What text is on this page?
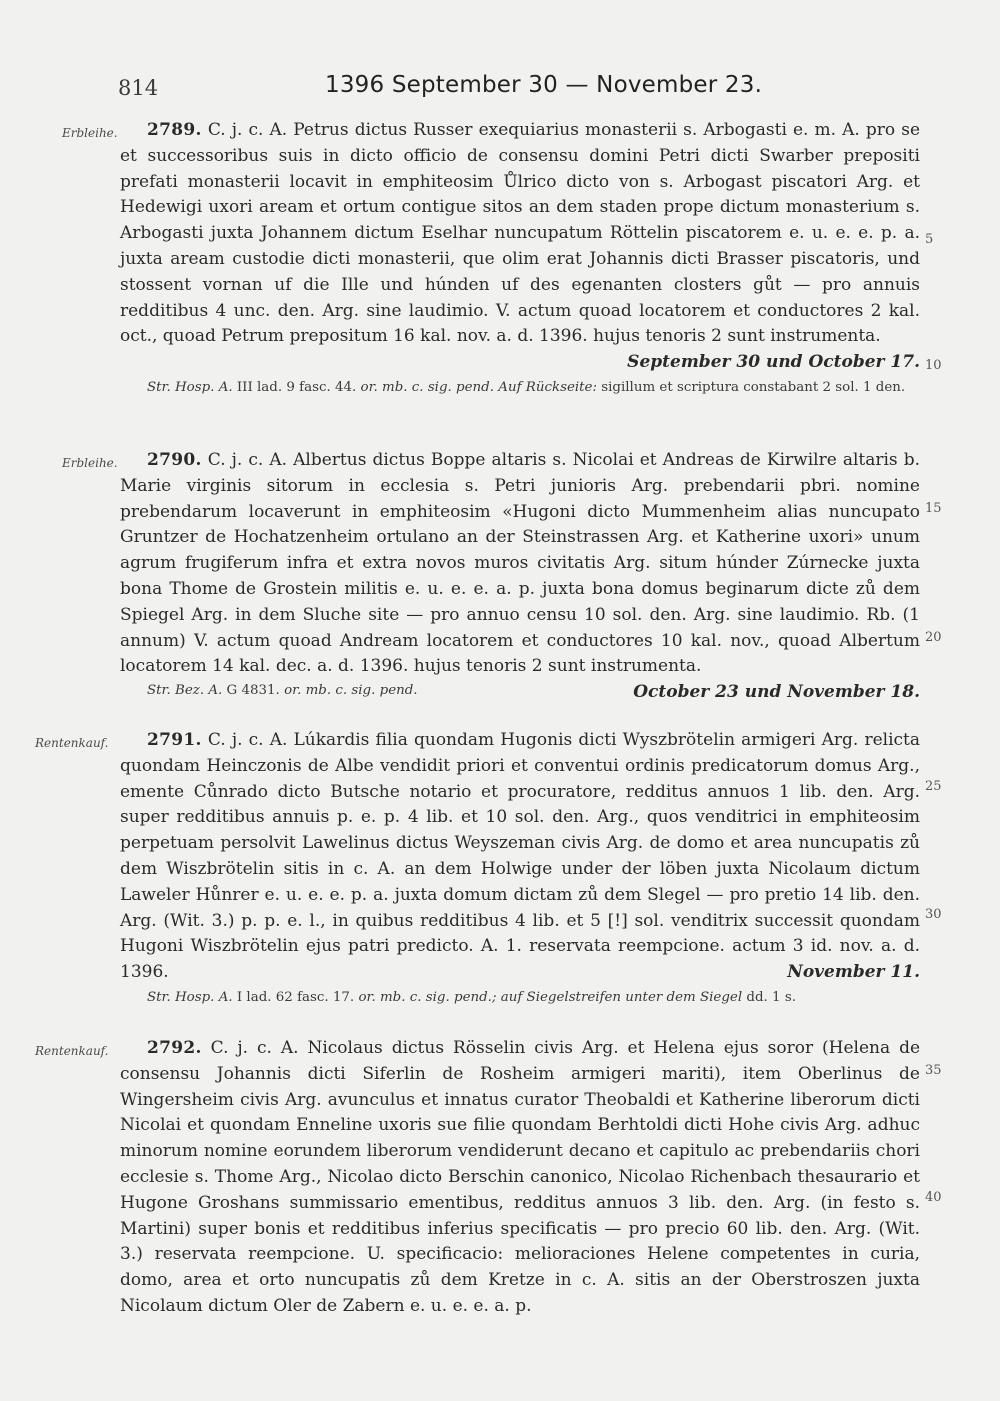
814	1396 September 30 — November 23.
Erbleihe.	2789. C. j. c. A. Petrus dictus Russer exequiarius monasterii s. Arbogasti e. m. A. pro se et successoribus suis in dicto officio de consensu domini Petri dicti Swarber prepositi prefati monasterii locavit in emphiteosim Ůlrico dicto von s. Arbogast piscatori Arg. et Hedewigi uxori aream et ortum contigue sitos an dem staden prope dictum monasterium s. Arbogasti juxta Johannem dictum Eselhar nuncupatum Röttelin piscatorem e. u. e. e. p. a. juxta aream custodie dicti monasterii, que olim erat Johannis dicti Brasser piscatoris, und stossent vornan uf die Ille und húnden uf des egenanten closters gůt — pro annuis redditibus 4 unc. den. Arg. sine laudimio. V. actum quoad locatorem et conductores 2 kal. oct., quoad Petrum prepositum 16 kal. nov. a. d. 1396. hujus tenoris 2 sunt instrumenta.
September 30 und October 17.

Str. Hosp. A. III lad. 9 fasc. 44. or. mb. c. sig. pend. Auf Rückseite: sigillum et scriptura constabant 2 sol. 1 den.

Erbleihe.	2790. C. j. c. A. Albertus dictus Boppe altaris s. Nicolai et Andreas de Kirwilre altaris b. Marie virginis sitorum in ecclesia s. Petri junioris Arg. prebendarii pbri. nomine prebendarum locaverunt in emphiteosim «Hugoni dicto Mummenheim alias nuncupato Gruntzer de Hochatzenheim ortulano an der Steinstrassen Arg. et Katherine uxori» unum agrum frugiferum infra et extra novos muros civitatis Arg. situm húnder Zúrnecke juxta bona Thome de Grostein militis e. u. e. e. a. p. juxta bona domus beginarum dicte zů dem Spiegel Arg. in dem Sluche site — pro annuo censu 10 sol. den. Arg. sine laudimio. Rb. (1 annum) V. actum quoad Andream locatorem et conductores 10 kal. nov., quoad Albertum locatorem 14 kal. dec. a. d. 1396. hujus tenoris 2 sunt instrumenta.
October 23 und November 18.

Str. Bez. A. G 4831. or. mb. c. sig. pend.

Rentenkauf.	2791. C. j. c. A. Lúkardis filia quondam Hugonis dicti Wyszbrötelin armigeri Arg. relicta quondam Heinczonis de Albe vendidit priori et conventui ordinis predicatorum domus Arg., emente Cůnrado dicto Butsche notario et procuratore, redditus annuos 1 lib. den. Arg. super redditibus annuis p. e. p. 4 lib. et 10 sol. den. Arg., quos venditrici in emphiteosim perpetuam persolvit Lawelinus dictus Weyszeman civis Arg. de domo et area nuncupatis zů dem Wiszbrötelin sitis in c. A. an dem Holwige under der löben juxta Nicolaum dictum Laweler Hůnrer e. u. e. e. p. a. juxta domum dictam zů dem Slegel — pro pretio 14 lib. den. Arg. (Wit. 3.) p. p. e. l., in quibus redditibus 4 lib. et 5 [!] sol. venditrix successit quondam Hugoni Wiszbrötelin ejus patri predicto. A. 1. reservata reempcione. actum 3 id. nov. a. d. 1396.	November 11.

Str. Hosp. A. I lad. 62 fasc. 17. or. mb. c. sig. pend.; auf Siegelstreifen unter dem Siegel dd. 1 s.

Rentenkauf.	2792. C. j. c. A. Nicolaus dictus Rösselin civis Arg. et Helena ejus soror (Helena de consensu Johannis dicti Siferlin de Rosheim armigeri mariti), item Oberlinus de Wingersheim civis Arg. avunculus et innatus curator Theobaldi et Katherine liberorum dicti Nicolai et quondam Enneline uxoris sue filie quondam Berhtoldi dicti Hohe civis Arg. adhuc minorum nomine eorundem liberorum vendiderunt decano et capitulo ac prebendariis chori ecclesie s. Thome Arg., Nicolao dicto Berschin canonico, Nicolao Richenbach thesaurario et Hugone Groshans summissario ementibus, redditus annuos 3 lib. den. Arg. (in festo s. Martini) super bonis et redditibus inferius specificatis — pro precio 60 lib. den. Arg. (Wit. 3.) reservata reempcione. U. specificacio: melioraciones Helene competentes in curia, domo, area et orto nuncupatis zů dem Kretze in c. A. sitis an der Oberstroszen juxta Nicolaum dictum Oler de Zabern e. u. e. e. a. p.

5
10
15
20
25
30
35
40
